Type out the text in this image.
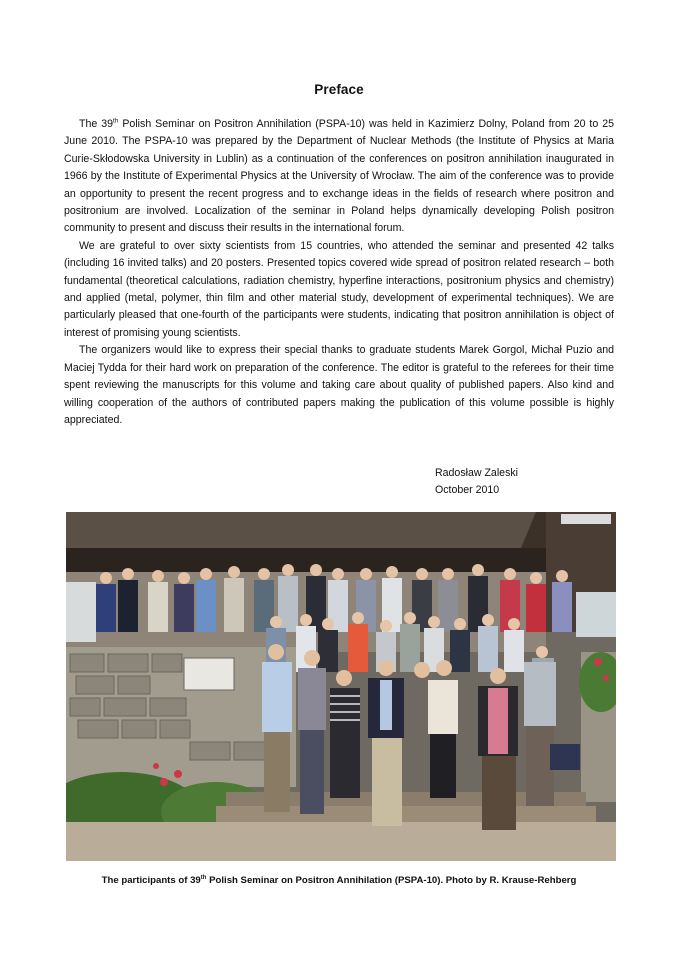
Preface

The 39th Polish Seminar on Positron Annihilation (PSPA-10) was held in Kazimierz Dolny, Poland from 20 to 25 June 2010. The PSPA-10 was prepared by the Department of Nuclear Methods (the Institute of Physics at Maria Curie-Skłodowska University in Lublin) as a continuation of the conferences on positron annihilation inaugurated in 1966 by the Institute of Experimental Physics at the University of Wrocław. The aim of the conference was to provide an opportunity to present the recent progress and to exchange ideas in the fields of research where positron and positronium are involved. Localization of the seminar in Poland helps dynamically developing Polish positron community to present and discuss their results in the international forum.

We are grateful to over sixty scientists from 15 countries, who attended the seminar and presented 42 talks (including 16 invited talks) and 20 posters. Presented topics covered wide spread of positron related research – both fundamental (theoretical calculations, radiation chemistry, hyperfine interactions, positronium physics and chemistry) and applied (metal, polymer, thin film and other material study, development of experimental techniques). We are particularly pleased that one-fourth of the participants were students, indicating that positron annihilation is object of interest of promising young scientists.

The organizers would like to express their special thanks to graduate students Marek Gorgol, Michał Puzio and Maciej Tydda for their hard work on preparation of the conference. The editor is grateful to the referees for their time spent reviewing the manuscripts for this volume and taking care about quality of published papers. Also kind and willing cooperation of the authors of contributed papers making the publication of this volume possible is highly appreciated.

Radosław Zaleski
October 2010
The participants of 39th Polish Seminar on Positron Annihilation (PSPA-10). Photo by R. Krause-Rehberg
